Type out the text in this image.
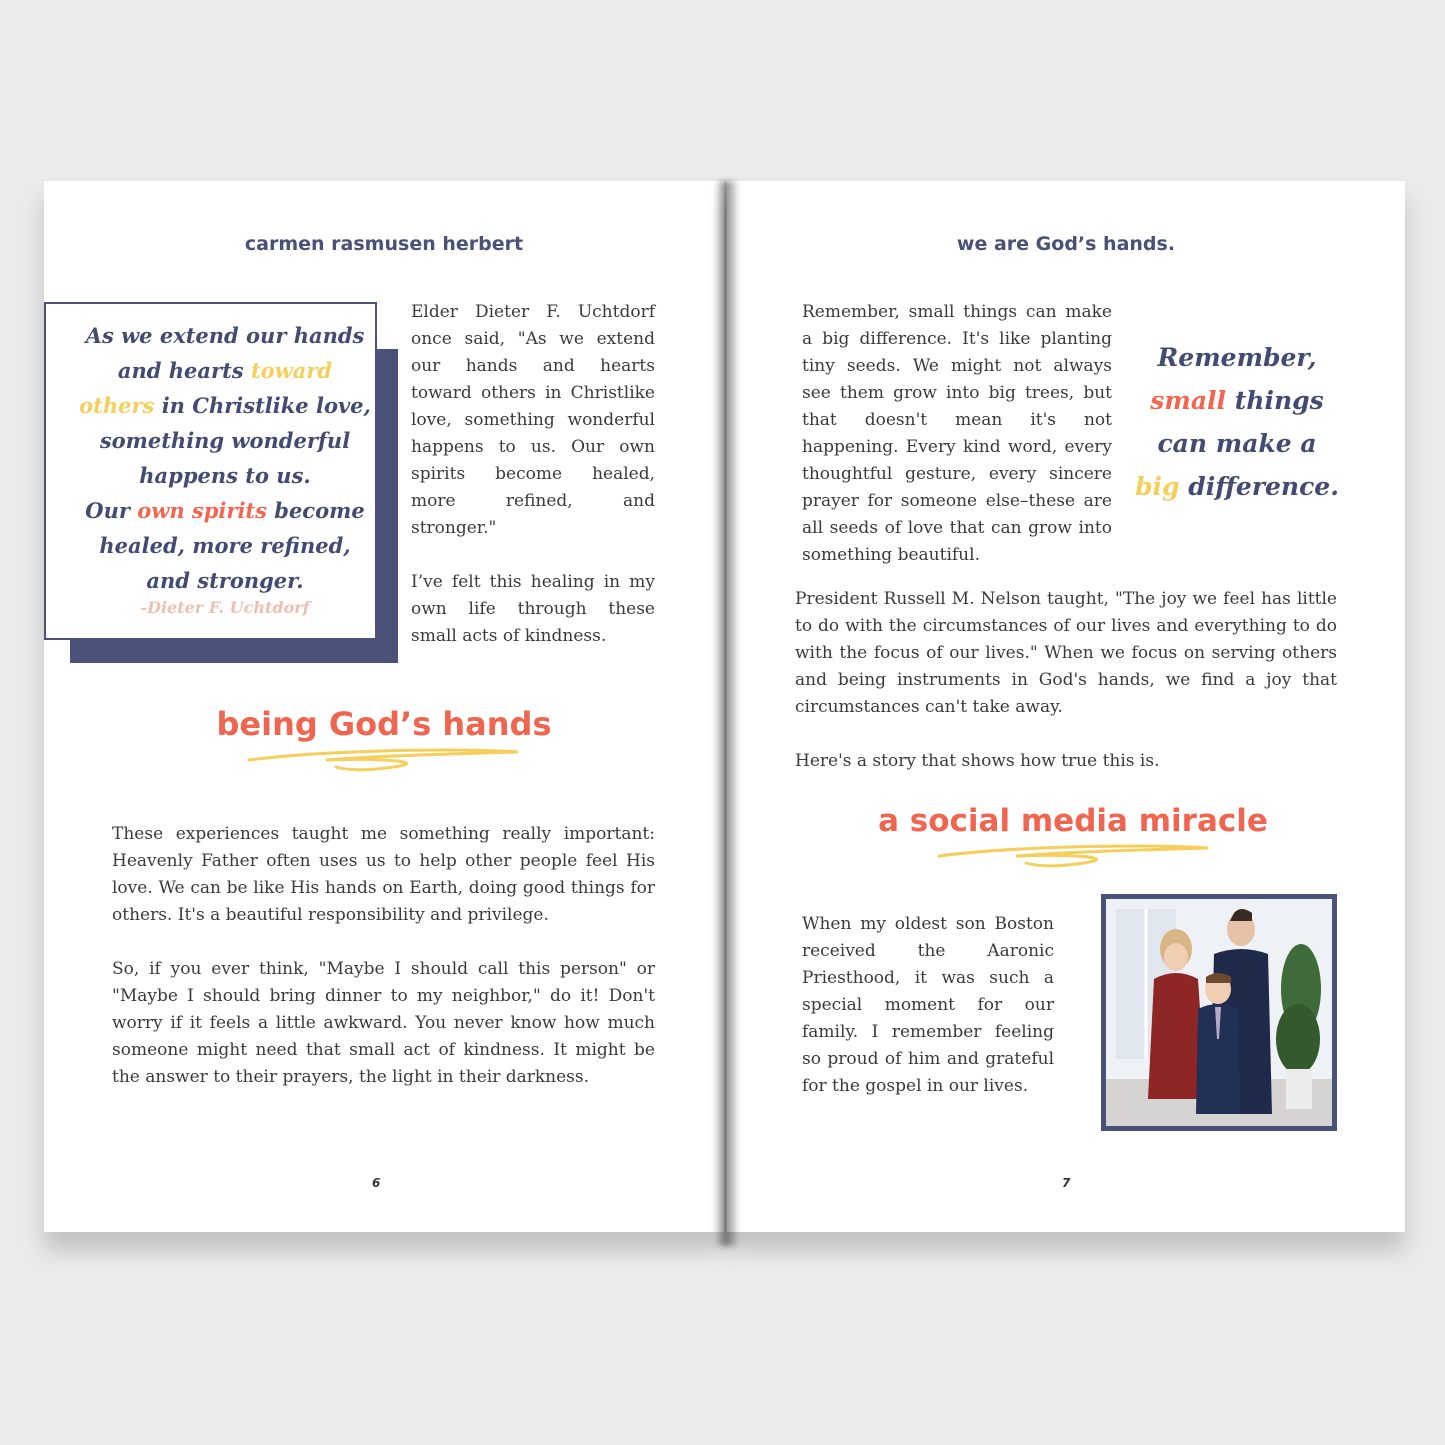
carmen rasmusen herbert
As we extend our hands
and hearts toward
others in Christlike love,
something wonderful
happens to us.
Our own spirits become
healed, more refined,
and stronger.
-Dieter F. Uchtdorf

Elder Dieter F. Uchtdorf once said, "As we extend our hands and hearts toward others in Christlike love, something wonderful happens to us. Our own spirits become healed, more refined, and stronger."

I’ve felt this healing in my own life through these small acts of kindness.

being God’s hands

These experiences taught me something really important: Heavenly Father often uses us to help other people feel His love. We can be like His hands on Earth, doing good things for others. It's a beautiful responsibility and privilege.

So, if you ever think, "Maybe I should call this person" or "Maybe I should bring dinner to my neighbor," do it! Don't worry if it feels a little awkward. You never know how much someone might need that small act of kindness. It might be the answer to their prayers, the light in their darkness.

6
we are God’s hands.

Remember, small things can make a big difference. It's like planting tiny seeds. We might not always see them grow into big trees, but that doesn't mean it's not happening. Every kind word, every thoughtful gesture, every sincere prayer for someone else–these are all seeds of love that can grow into something beautiful.

Remember,
small things
can make a
big difference.

President Russell M. Nelson taught, "The joy we feel has little to do with the circumstances of our lives and everything to do with the focus of our lives." When we focus on serving others and being instruments in God's hands, we find a joy that circumstances can't take away.

Here's a story that shows how true this is.

a social media miracle

When my oldest son Boston received the Aaronic Priesthood, it was such a special moment for our family. I remember feeling so proud of him and grateful for the gospel in our lives.

7
